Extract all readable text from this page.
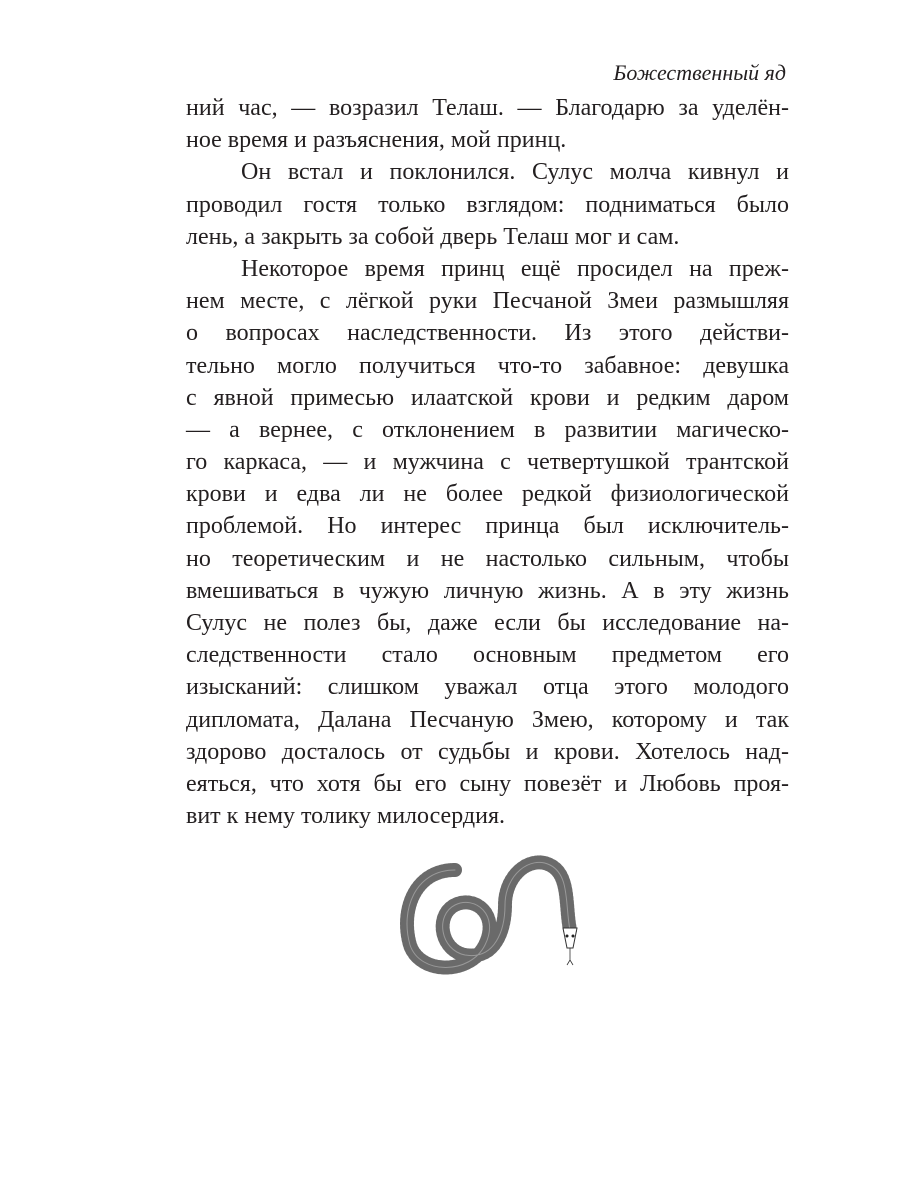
Божественный яд
ний час, — возразил Телаш. — Благодарю за уделён-
ное время и разъяснения, мой принц.
Он встал и поклонился. Сулус молча кивнул и
проводил гостя только взглядом: подниматься было
лень, а закрыть за собой дверь Телаш мог и сам.
Некоторое время принц ещё просидел на преж-
нем месте, с лёгкой руки Песчаной Змеи размышляя
о вопросах наследственности. Из этого действи-
тельно могло получиться что-то забавное: девушка
с явной примесью илаатской крови и редким даром
— а вернее, с отклонением в развитии магическо-
го каркаса, — и мужчина с четвертушкой трантской
крови и едва ли не более редкой физиологической
проблемой. Но интерес принца был исключитель-
но теоретическим и не настолько сильным, чтобы
вмешиваться в чужую личную жизнь. А в эту жизнь
Сулус не полез бы, даже если бы исследование на-
следственности стало основным предметом его
изысканий: слишком уважал отца этого молодого
дипломата, Далана Песчаную Змею, которому и так
здорово досталось от судьбы и крови. Хотелось над-
еяться, что хотя бы его сыну повезёт и Любовь проя-
вит к нему толику милосердия.
